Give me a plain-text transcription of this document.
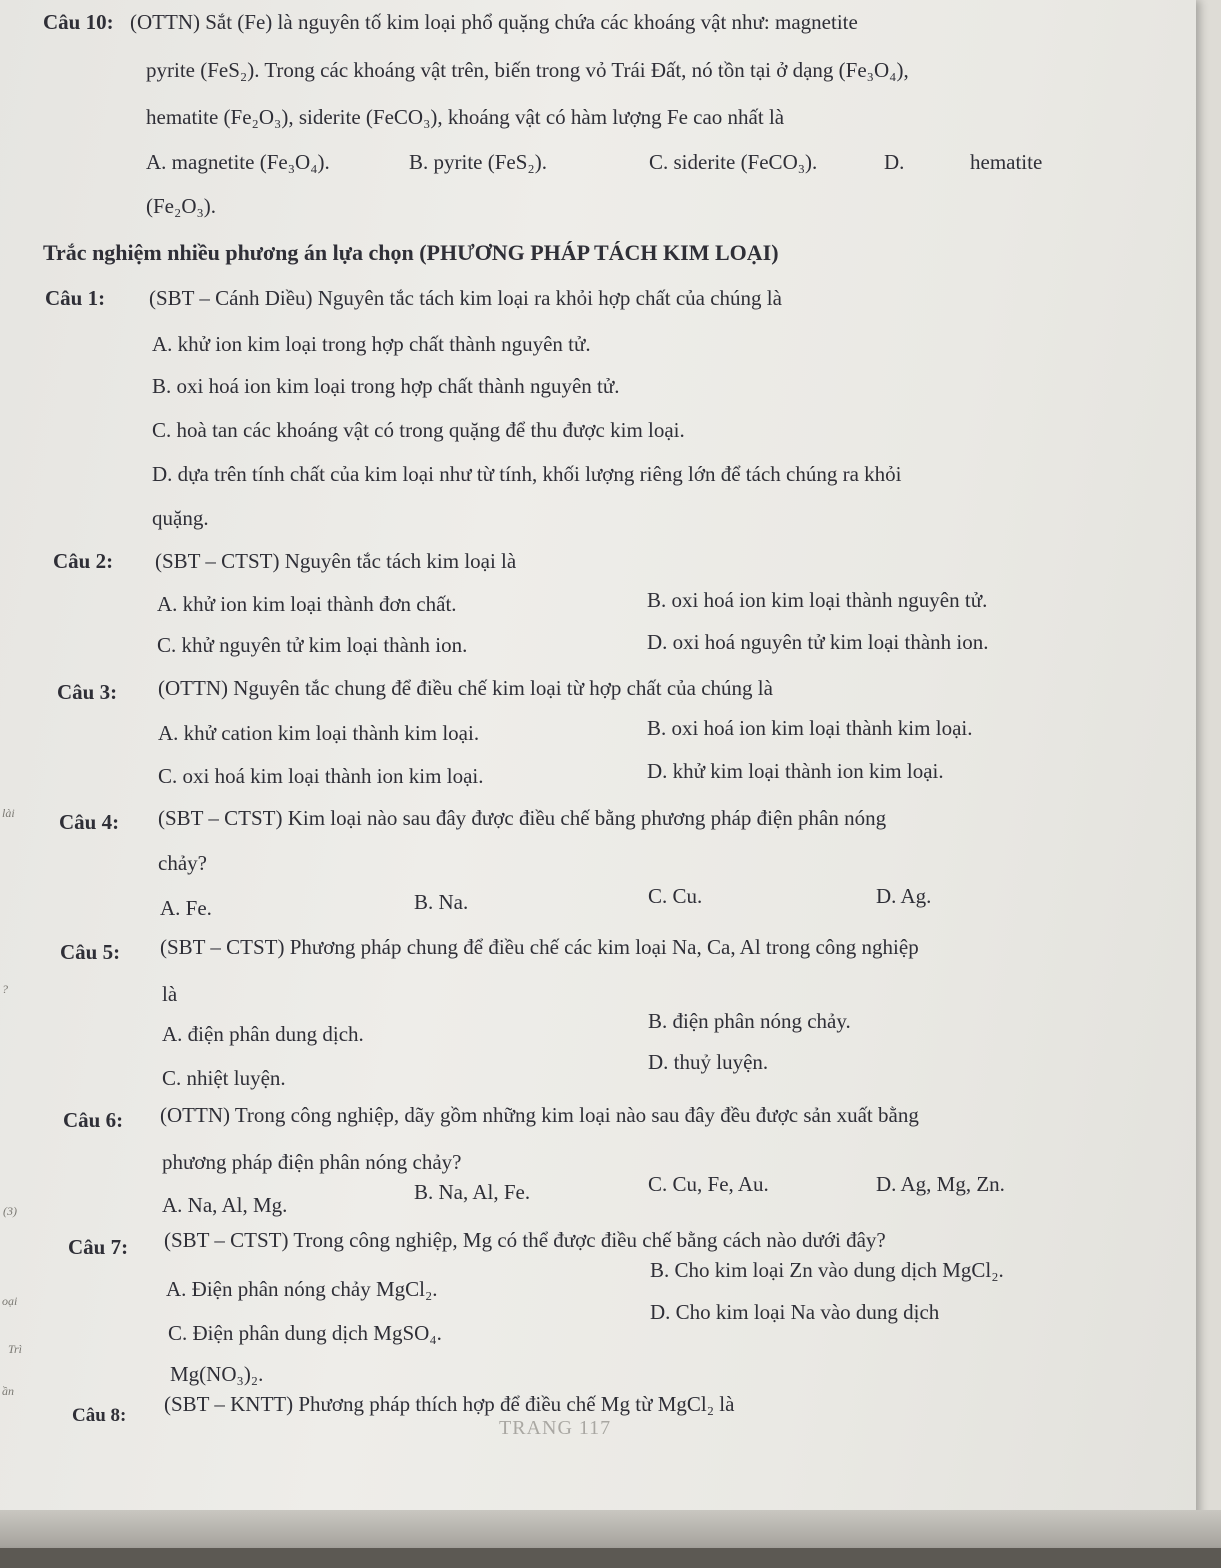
Câu 10: (OTTN) Sắt (Fe) là nguyên tố kim loại phổ quặng chứa các khoáng vật như: magnetite
pyrite (FeS₂). Trong các khoáng vật trên, biến trong vỏ Trái Đất, nó tồn tại ở dạng (Fe₃O₄),
hematite (Fe₂O₃), siderite (FeCO₃), khoáng vật có hàm lượng Fe cao nhất là
A. magnetite (Fe₃O₄).	B. pyrite (FeS₂).	C. siderite (FeCO₃).	D.	hematite
(Fe₂O₃).
Trắc nghiệm nhiều phương án lựa chọn (PHƯƠNG PHÁP TÁCH KIM LOẠI)
Câu 1: (SBT – Cánh Diều) Nguyên tắc tách kim loại ra khỏi hợp chất của chúng là
A. khử ion kim loại trong hợp chất thành nguyên tử.
B. oxi hoá ion kim loại trong hợp chất thành nguyên tử.
C. hoà tan các khoáng vật có trong quặng để thu được kim loại.
D. dựa trên tính chất của kim loại như từ tính, khối lượng riêng lớn để tách chúng ra khỏi
quặng.
Câu 2: (SBT – CTST) Nguyên tắc tách kim loại là
A. khử ion kim loại thành đơn chất.	B. oxi hoá ion kim loại thành nguyên tử.
C. khử nguyên tử kim loại thành ion.	D. oxi hoá nguyên tử kim loại thành ion.
Câu 3: (OTTN) Nguyên tắc chung để điều chế kim loại từ hợp chất của chúng là
A. khử cation kim loại thành kim loại.	B. oxi hoá ion kim loại thành kim loại.
C. oxi hoá kim loại thành ion kim loại.	D. khử kim loại thành ion kim loại.
Câu 4: (SBT – CTST) Kim loại nào sau đây được điều chế bằng phương pháp điện phân nóng
chảy?
A. Fe.	B. Na.	C. Cu.	D. Ag.
Câu 5: (SBT – CTST) Phương pháp chung để điều chế các kim loại Na, Ca, Al trong công nghiệp
là
A. điện phân dung dịch.
B. điện phân nóng chảy.
C. nhiệt luyện.
D. thuỷ luyện.
Câu 6: (OTTN) Trong công nghiệp, dãy gồm những kim loại nào sau đây đều được sản xuất bằng
phương pháp điện phân nóng chảy?
A. Na, Al, Mg.
B. Na, Al, Fe.	C. Cu, Fe, Au.	D. Ag, Mg, Zn.
Câu 7: (SBT – CTST) Trong công nghiệp, Mg có thể được điều chế bằng cách nào dưới đây?
A. Điện phân nóng chảy MgCl₂.
B. Cho kim loại Zn vào dung dịch MgCl₂.
C. Điện phân dung dịch MgSO₄.
D. Cho kim loại Na vào dung dịch
Mg(NO₃)₂.
Câu 8: (SBT – KNTT) Phương pháp thích hợp để điều chế Mg từ MgCl₂ là
TRANG 117
lài
?
(3)
oại
Trì
ần
